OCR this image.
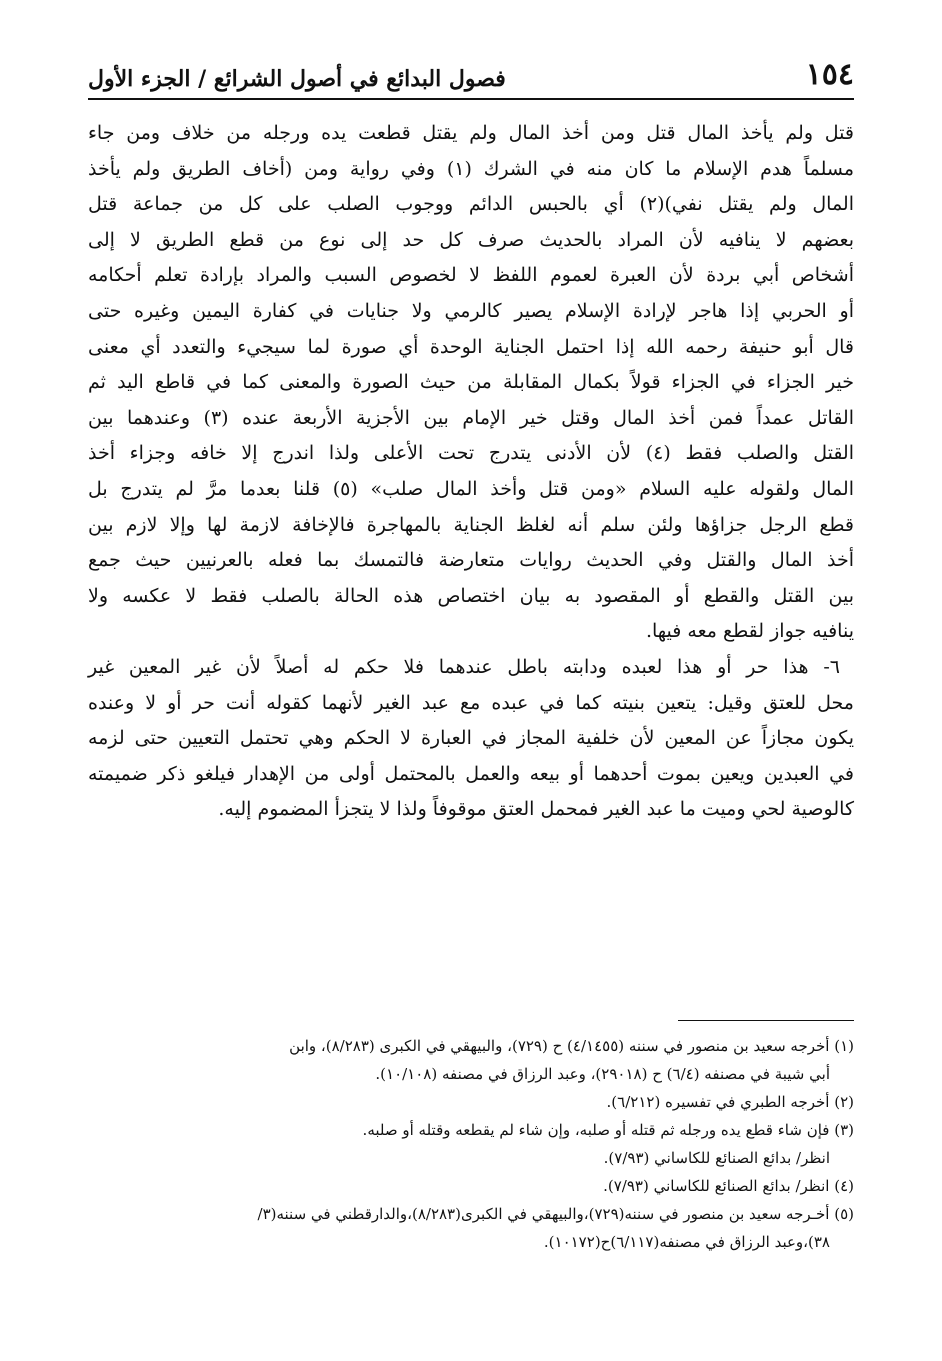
١٥٤
فصول البدائع في أصول الشرائع / الجزء الأول
قتل ولم يأخذ المال قتل ومن أخذ المال ولم يقتل قطعت يده ورجله من خلاف ومن جاء
مسلماً هدم الإسلام ما كان منه في الشرك (١) وفي رواية ومن (أخاف الطريق ولم يأخذ
المال ولم يقتل نفي)(٢) أي بالحبس الدائم ووجوب الصلب على كل من جماعة قتل
بعضهم لا ينافيه لأن المراد بالحديث صرف كل حد إلى نوع من قطع الطريق لا إلى
أشخاص أبي بردة لأن العبرة لعموم اللفظ لا لخصوص السبب والمراد بإرادة تعلم أحكامه
أو الحربي إذا هاجر لإرادة الإسلام يصير كالرمي ولا جنايات في كفارة اليمين وغيره حتى
قال أبو حنيفة رحمه الله إذا احتمل الجناية الوحدة أي صورة لما سيجيء والتعدد أي معنى
خير الجزاء في الجزاء قولاً بكمال المقابلة من حيث الصورة والمعنى كما في قاطع اليد ثم
القاتل عمداً فمن أخذ المال وقتل خير الإمام بين الأجزية الأربعة عنده (٣) وعندهما بين
القتل والصلب فقط (٤) لأن الأدنى يتدرج تحت الأعلى ولذا اندرج إلا خافه وجزاء أخذ
المال ولقوله عليه السلام «ومن قتل وأخذ المال صلب» (٥) قلنا بعدما مرَّ لم يتدرج بل
قطع الرجل جزاؤها ولئن سلم أنه لغلظ الجناية بالمهاجرة فالإخافة لازمة لها وإلا لازم بين
أخذ المال والقتل وفي الحديث روايات متعارضة فالتمسك بما فعله بالعرنيين حيث جمع
بين القتل والقطع أو المقصود به بيان اختصاص هذه الحالة بالصلب فقط لا عكسه ولا
ينافيه جواز لقطع معه فيها.
٦- هذا حر أو هذا لعبده ودابته باطل عندهما فلا حكم له أصلاً لأن غير المعين غير
محل للعتق وقيل: يتعين بنيته كما في عبده مع عبد الغير لأنهما كقوله أنت حر أو لا وعنده
يكون مجازاً عن المعين لأن خلفية المجاز في العبارة لا الحكم وهي تحتمل التعيين حتى لزمه
في العبدين ويعين بموت أحدهما أو بيعه والعمل بالمحتمل أولى من الإهدار فيلغو ذكر ضميمته
كالوصية لحي وميت ما عبد الغير فمحمل العتق موقوفاً ولذا لا يتجزأ المضموم إليه.
(١) أخرجه سعيد بن منصور في سننه (٤/١٤٥٥) ح (٧٢٩)، والبيهقي في الكبرى (٨/٢٨٣)، وابن
أبي شيبة في مصنفه (٦/٤) ح (٢٩٠١٨)، وعبد الرزاق في مصنفه (١٠/١٠٨).
(٢) أخرجه الطبري في تفسيره (٦/٢١٢).
(٣) فإن شاء قطع يده ورجله ثم قتله أو صلبه، وإن شاء لم يقطعه وقتله أو صلبه.
انظر/ بدائع الصنائع للكاساني (٧/٩٣).
(٤) انظر/ بدائع الصنائع للكاساني (٧/٩٣).
(٥) أخـرجه سعيد بن منصور في سننه(٧٢٩)،والبيهقي في الكبرى(٨/٢٨٣)،والدارقطني في سننه(٣/
٣٨)،وعبد الرزاق في مصنفه(٦/١١٧)ح(١٠١٧٢).
